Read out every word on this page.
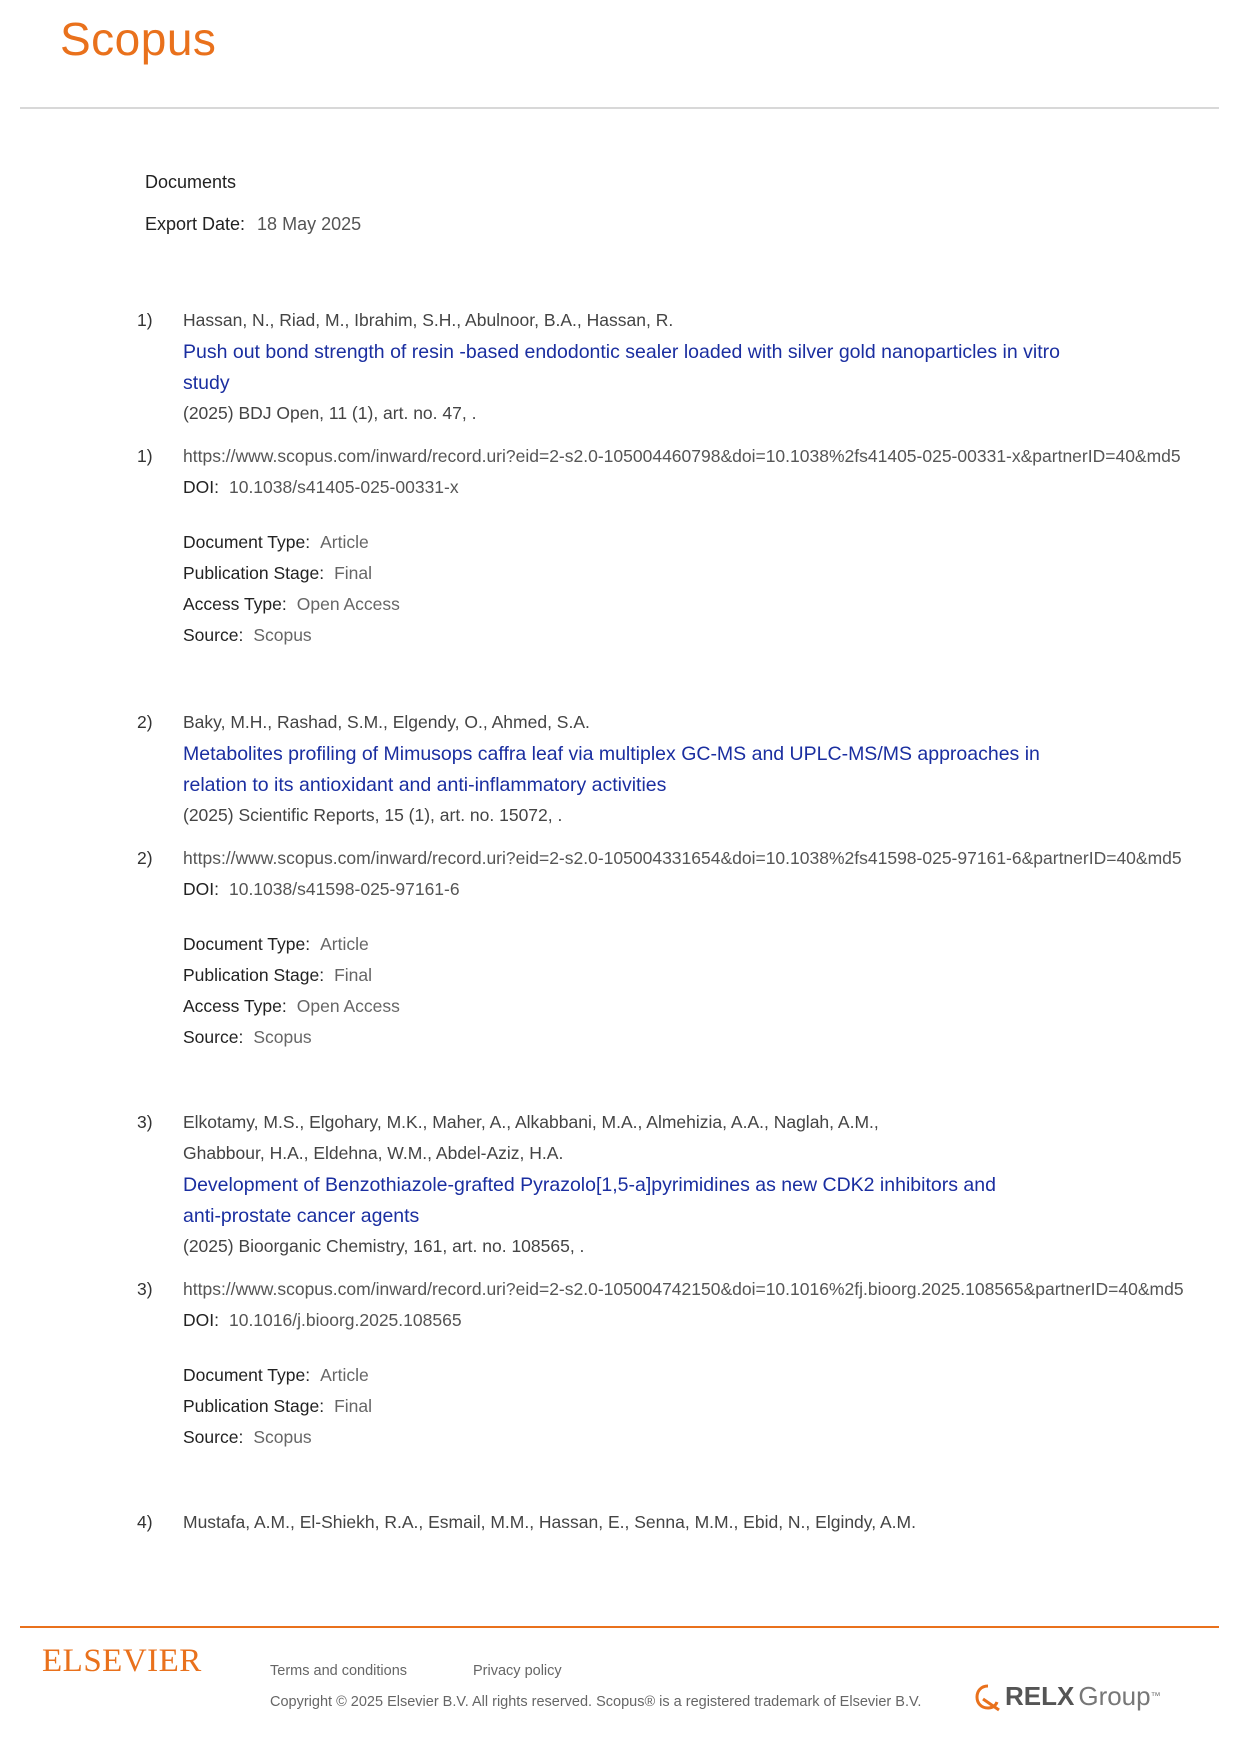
Scopus
Documents
Export Date: 18 May 2025
1) Hassan, N., Riad, M., Ibrahim, S.H., Abulnoor, B.A., Hassan, R.
Push out bond strength of resin -based endodontic sealer loaded with silver gold nanoparticles in vitro
study
(2025) BDJ Open, 11 (1), art. no. 47, .
1) https://www.scopus.com/inward/record.uri?eid=2-s2.0-105004460798&doi=10.1038%2fs41405-025-00331-x&partnerID=40&md5
DOI: 10.1038/s41405-025-00331-x
Document Type: Article
Publication Stage: Final
Access Type: Open Access
Source: Scopus
2) Baky, M.H., Rashad, S.M., Elgendy, O., Ahmed, S.A.
Metabolites profiling of Mimusops caffra leaf via multiplex GC-MS and UPLC-MS/MS approaches in
relation to its antioxidant and anti-inflammatory activities
(2025) Scientific Reports, 15 (1), art. no. 15072, .
2) https://www.scopus.com/inward/record.uri?eid=2-s2.0-105004331654&doi=10.1038%2fs41598-025-97161-6&partnerID=40&md5
DOI: 10.1038/s41598-025-97161-6
Document Type: Article
Publication Stage: Final
Access Type: Open Access
Source: Scopus
3) Elkotamy, M.S., Elgohary, M.K., Maher, A., Alkabbani, M.A., Almehizia, A.A., Naglah, A.M.,
Ghabbour, H.A., Eldehna, W.M., Abdel-Aziz, H.A.
Development of Benzothiazole-grafted Pyrazolo[1,5-a]pyrimidines as new CDK2 inhibitors and
anti-prostate cancer agents
(2025) Bioorganic Chemistry, 161, art. no. 108565, .
3) https://www.scopus.com/inward/record.uri?eid=2-s2.0-105004742150&doi=10.1016%2fj.bioorg.2025.108565&partnerID=40&md5
DOI: 10.1016/j.bioorg.2025.108565
Document Type: Article
Publication Stage: Final
Source: Scopus
4) Mustafa, A.M., El-Shiekh, R.A., Esmail, M.M., Hassan, E., Senna, M.M., Ebid, N., Elgindy, A.M.
ELSEVIER	Terms and conditions	Privacy policy
Copyright © 2025 Elsevier B.V. All rights reserved. Scopus® is a registered trademark of Elsevier B.V.	RELX Group ™
